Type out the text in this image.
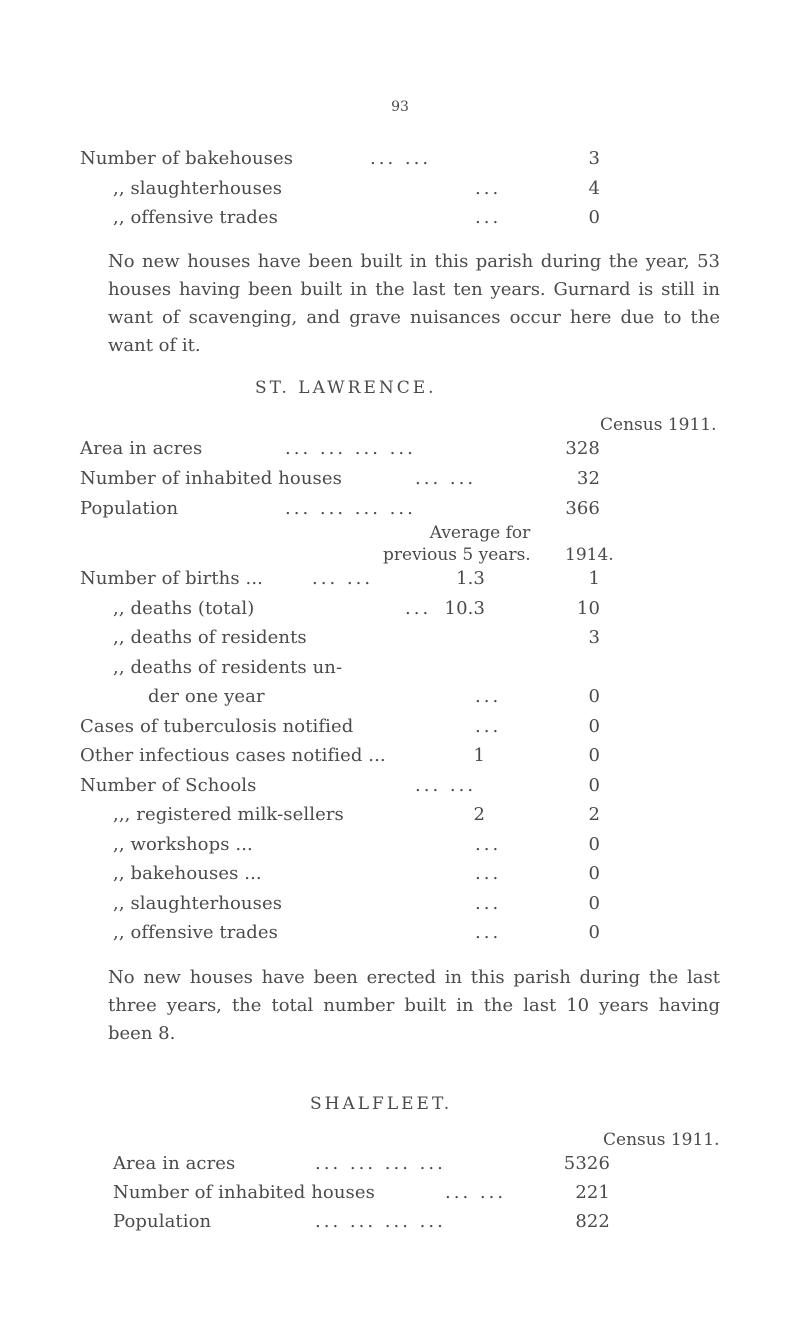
93
Number of bakehouses	... ...	3
,, slaughterhouses	...	4
,, offensive trades	...	0
No new houses have been built in this parish during the year, 53 houses having been built in the last ten years. Gurnard is still in want of scavenging, and grave nuisances occur here due to the want of it.
ST. LAWRENCE.
Census 1911.
Area in acres	... ... ... ...	328
Number of inhabited houses	... ...	32
Population	... ... ... ...	366
Average for
previous 5 years. 1914.
Number of births ...	... ...	1.3	1
,, deaths (total)	... 10.3	10
,, deaths of residents	3
,, deaths of residents un-
der one year	...	0
Cases of tuberculosis notified	...	0
Other infectious cases notified ...	1	0
Number of Schools	... ...	0
,,, registered milk-sellers	2	2
,, workshops ...	...	0
,, bakehouses ...	...	0
,, slaughterhouses	...	0
,, offensive trades	...	0
No new houses have been erected in this parish during the last three years, the total number built in the last 10 years having been 8.
SHALFLEET.
Census 1911.
Area in acres	... ... ... ...	5326
Number of inhabited houses	... ...	221
Population	... ... ... ...	822
